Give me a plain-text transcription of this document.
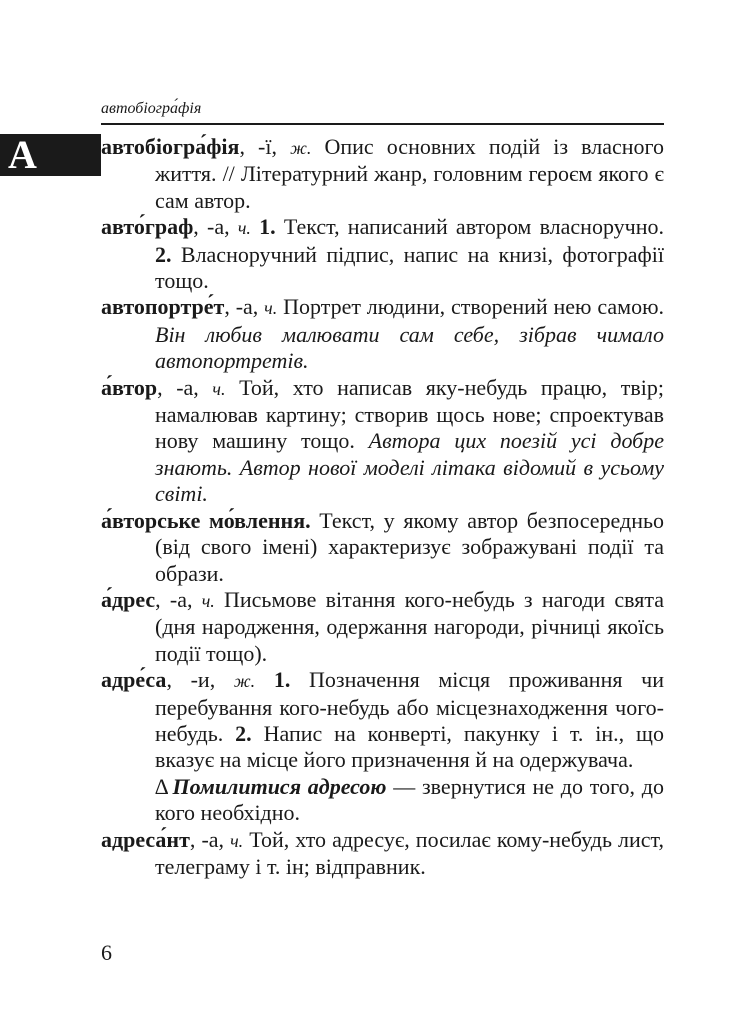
автобіогра́фія
А	автобіогра́фія, -ї, ж. Опис основних подій із власного життя. // Літературний жанр, головним героєм якого є сам автор.

авто́граф, -а, ч. 1. Текст, написаний автором власноручно. 2. Власноручний підпис, напис на книзі, фотографії тощо.

автопортре́т, -а, ч. Портрет людини, створений нею самою. Він любив малювати сам себе, зібрав чимало автопортретів.

а́втор, -а, ч. Той, хто написав яку-небудь працю, твір; намалював картину; створив щось нове; спроектував нову машину тощо. Автора цих поезій усі добре знають. Автор нової моделі літака відомий в усьому світі.

а́вторське мо́влення. Текст, у якому автор безпосередньо (від свого імені) характеризує зображувані події та образи.

а́дрес, -а, ч. Письмове вітання кого-небудь з нагоди свята (дня народження, одержання нагороди, річниці якоїсь події тощо).

адре́са, -и, ж. 1. Позначення місця проживання чи перебування кого-небудь або місцезнаходження чого-небудь. 2. Напис на конверті, пакунку і т. ін., що вказує на місце його призначення й на одержувача.

∆ Помилитися адресою — звернутися не до того, до кого необхідно.

адреса́нт, -а, ч. Той, хто адресує, посилає кому-небудь лист, телеграму і т. ін; відправник.

6
